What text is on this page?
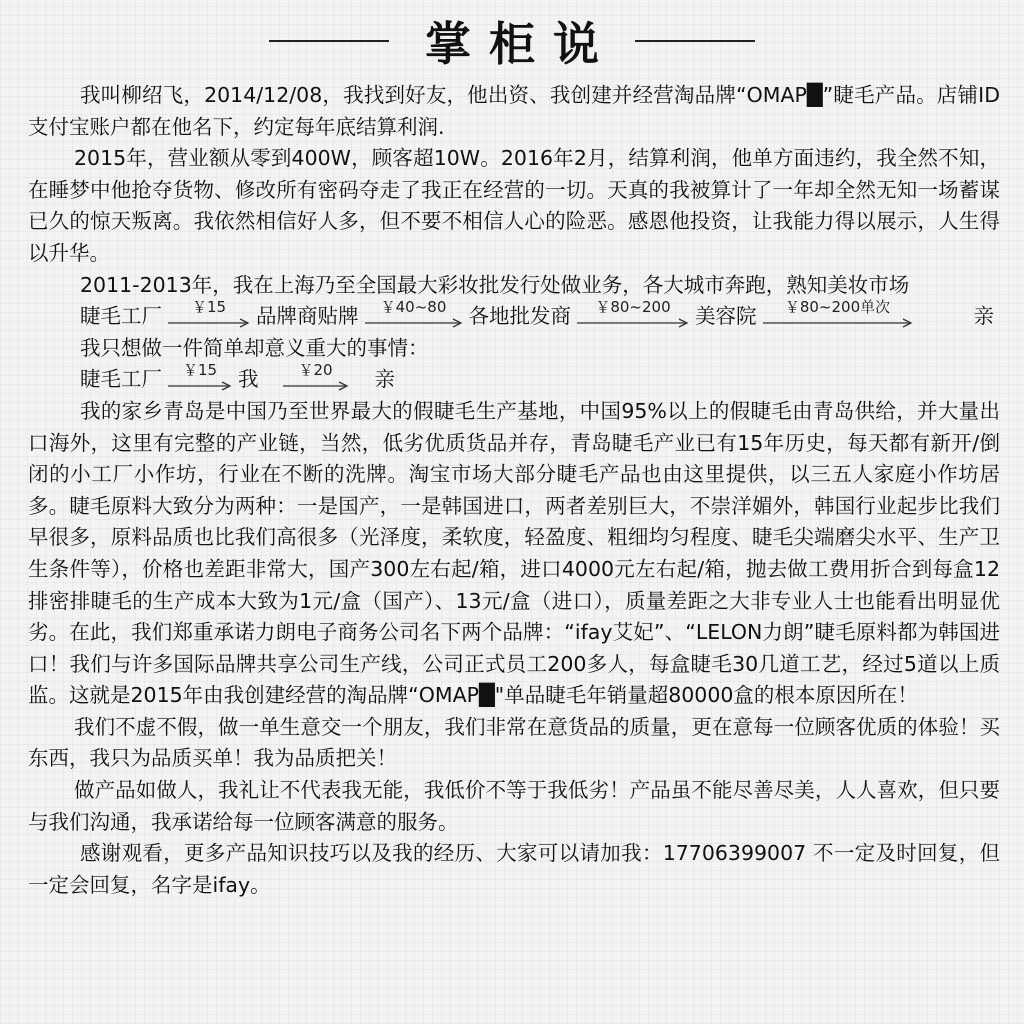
掌柜说

我叫柳绍飞，2014/12/08，我找到好友，他出资、我创建并经营淘品牌“OMAP█”睫毛产品。店铺ID支付宝账户都在他名下，约定每年底结算利润.

2015年，营业额从零到400W，顾客超10W。2016年2月，结算利润，他单方面违约，我全然不知，在睡梦中他抢夺货物、修改所有密码夺走了我正在经营的一切。天真的我被算计了一年却全然无知一场蓄谋已久的惊天叛离。我依然相信好人多，但不要不相信人心的险恶。感恩他投资，让我能力得以展示，人生得以升华。

2011-2013年，我在上海乃至全国最大彩妆批发行处做业务，各大城市奔跑，熟知美妆市场

睫毛工厂	￥15	品牌商贴牌	￥40~80	各地批发商	￥80~200	美容院	￥80~200单次	亲

我只想做一件简单却意义重大的事情：

睫毛工厂	￥15	我	￥20	亲

我的家乡青岛是中国乃至世界最大的假睫毛生产基地，中国95%以上的假睫毛由青岛供给，并大量出口海外，这里有完整的产业链，当然，低劣优质货品并存，青岛睫毛产业已有15年历史，每天都有新开/倒闭的小工厂小作坊，行业在不断的洗牌。淘宝市场大部分睫毛产品也由这里提供，以三五人家庭小作坊居多。睫毛原料大致分为两种：一是国产，一是韩国进口，两者差别巨大，不崇洋媚外，韩国行业起步比我们早很多，原料品质也比我们高很多（光泽度，柔软度，轻盈度、粗细均匀程度、睫毛尖端磨尖水平、生产卫生条件等），价格也差距非常大，国产300左右起/箱，进口4000元左右起/箱，抛去做工费用折合到每盒12排密排睫毛的生产成本大致为1元/盒（国产）、13元/盒（进口），质量差距之大非专业人士也能看出明显优劣。在此，我们郑重承诺力朗电子商务公司名下两个品牌：“ifay艾妃”、“LELON力朗”睫毛原料都为韩国进口！我们与许多国际品牌共享公司生产线，公司正式员工200多人，每盒睫毛30几道工艺，经过5道以上质监。这就是2015年由我创建经营的淘品牌“OMAP█"单品睫毛年销量超80000盒的根本原因所在！

我们不虚不假，做一单生意交一个朋友，我们非常在意货品的质量，更在意每一位顾客优质的体验！买东西，我只为品质买单！我为品质把关！

做产品如做人，我礼让不代表我无能，我低价不等于我低劣！产品虽不能尽善尽美，人人喜欢，但只要与我们沟通，我承诺给每一位顾客满意的服务。

感谢观看，更多产品知识技巧以及我的经历、大家可以请加我：17706399007 不一定及时回复，但一定会回复，名字是ifay。
